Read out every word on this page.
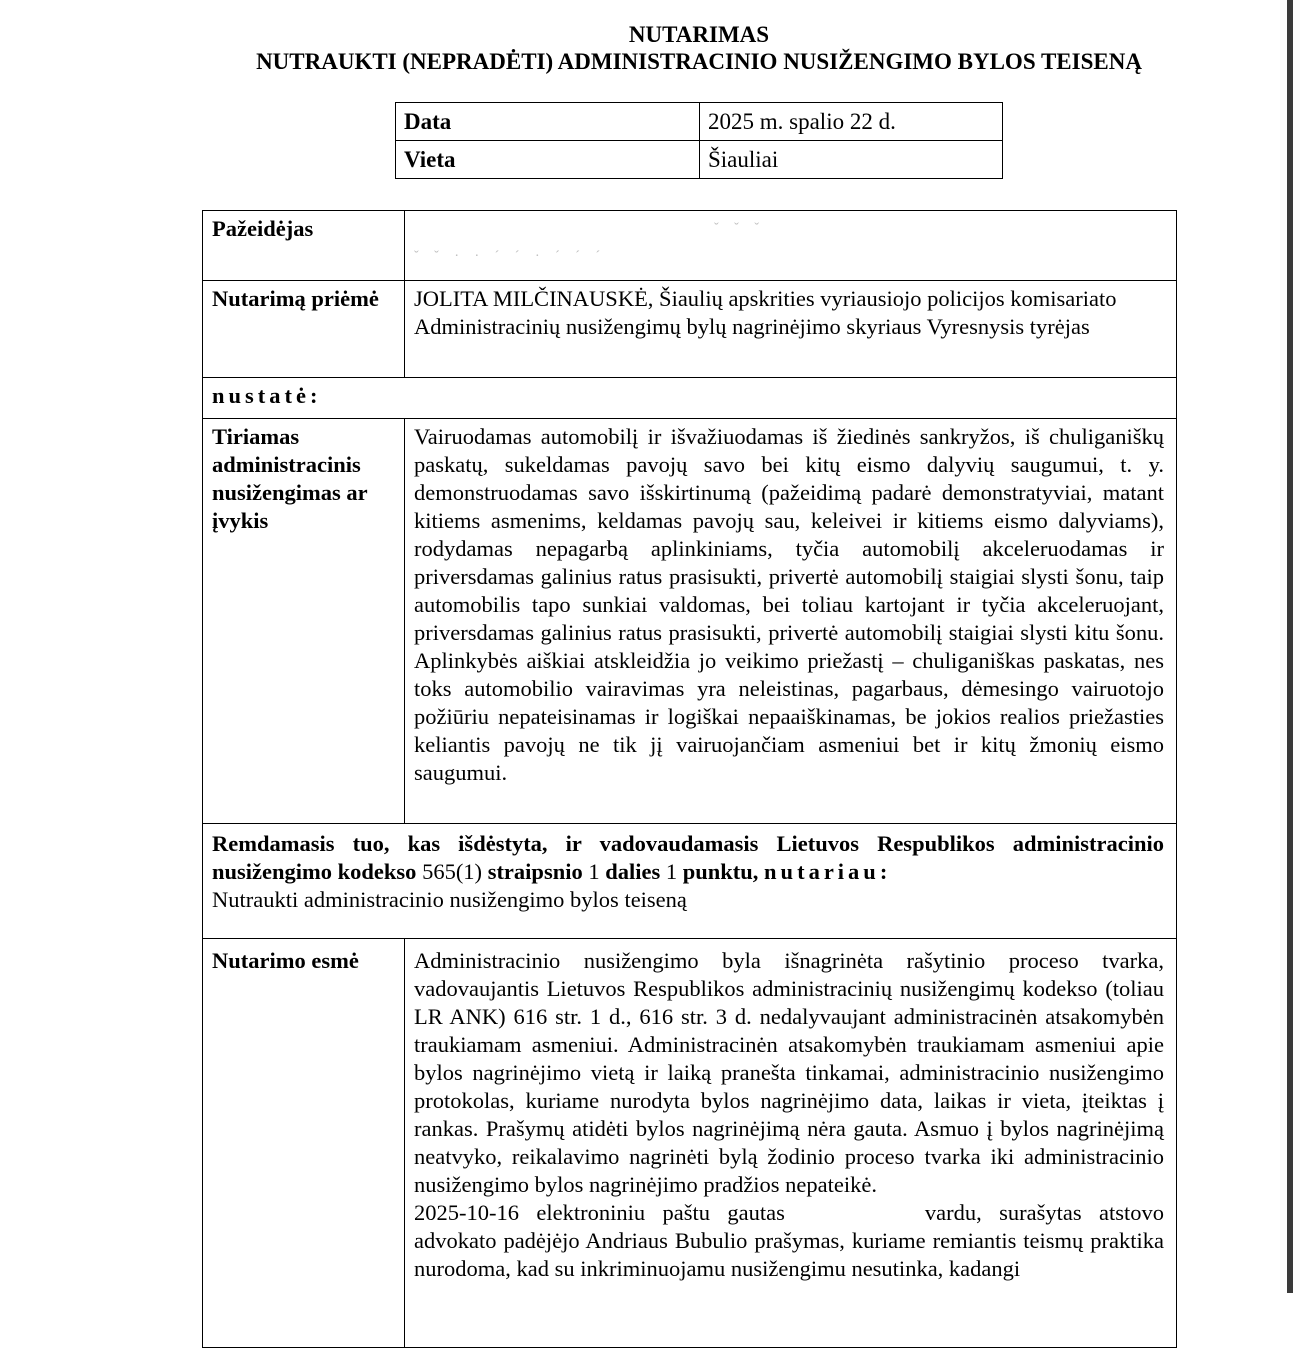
NUTARIMAS
NUTRAUKTI (NEPRADĖTI) ADMINISTRACINIO NUSIŽENGIMO BYLOS TEISENĄ
Data	2025 m. spalio 22 d.
Vieta	Šiauliai
Pažeidėjas	ˇ ˇ ˇ
ˇ ˇ · · ´ ´ · ´ ´ ´

Nutarimą priėmė	JOLITA MILČINAUSKĖ, Šiaulių apskrities vyriausiojo policijos komisariato Administracinių nusižengimų bylų nagrinėjimo skyriaus Vyresnysis tyrėjas
nustatė:	
Tiriamas administracinis nusižengimas ar įvykis	Vairuodamas automobilį ir išvažiuodamas iš žiedinės sankryžos, iš chuliganiškų paskatų, sukeldamas pavojų savo bei kitų eismo dalyvių saugumui, t. y. demonstruodamas savo išskirtinumą (pažeidimą padarė demonstratyviai, matant kitiems asmenims, keldamas pavojų sau, keleivei ir kitiems eismo dalyviams), rodydamas nepagarbą aplinkiniams, tyčia automobilį akceleruodamas ir priversdamas galinius ratus prasisukti, privertė automobilį staigiai slysti šonu, taip automobilis tapo sunkiai valdomas, bei toliau kartojant ir tyčia akceleruojant, priversdamas galinius ratus prasisukti, privertė automobilį staigiai slysti kitu šonu. Aplinkybės aiškiai atskleidžia jo veikimo priežastį – chuliganiškas paskatas, nes toks automobilio vairavimas yra neleistinas, pagarbaus, dėmesingo vairuotojo požiūriu nepateisinamas ir logiškai nepaaiškinamas, be jokios realios priežasties keliantis pavojų ne tik jį vairuojančiam asmeniui bet ir kitų žmonių eismo saugumui.

Remdamasis tuo, kas išdėstyta, ir vadovaudamasis Lietuvos Respublikos administracinio nusižengimo kodekso 565(1) straipsnio 1 dalies 1 punktu, nutariau:
Nutraukti administracinio nusižengimo bylos teiseną	

Nutarimo esmė	Administracinio nusižengimo byla išnagrinėta rašytinio proceso tvarka, vadovaujantis Lietuvos Respublikos administracinių nusižengimų kodekso (toliau LR ANK) 616 str. 1 d., 616 str. 3 d. nedalyvaujant administracinėn atsakomybėn traukiamam asmeniui. Administracinėn atsakomybėn traukiamam asmeniui apie bylos nagrinėjimo vietą ir laiką pranešta tinkamai, administracinio nusižengimo protokolas, kuriame nurodyta bylos nagrinėjimo data, laikas ir vieta, įteiktas į rankas. Prašymų atidėti bylos nagrinėjimą nėra gauta. Asmuo į bylos nagrinėjimą neatvyko, reikalavimo nagrinėti bylą žodinio proceso tvarka iki administracinio nusižengimo bylos nagrinėjimo pradžios nepateikė.
2025-10-16 elektroniniu paštu gautas vardu, surašytas atstovo advokato padėjėjo Andriaus Bubulio prašymas, kuriame remiantis teismų praktika nurodoma, kad su inkriminuojamu nusižengimu nesutinka, kadangi
